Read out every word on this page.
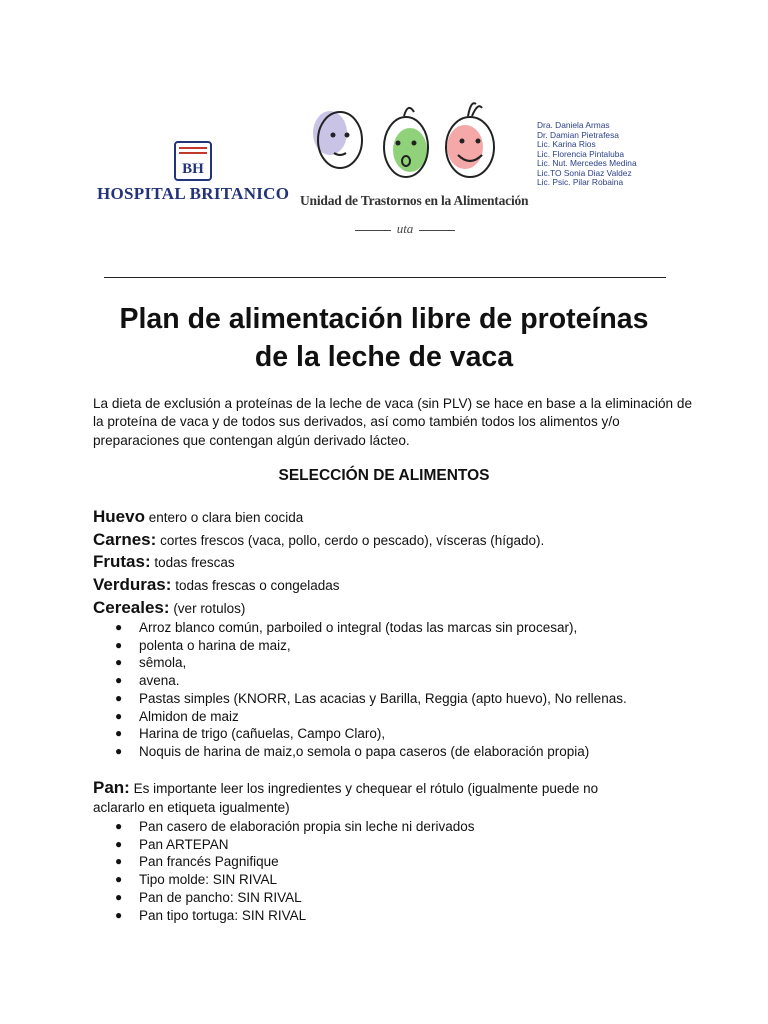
BH
HOSPITAL BRITANICO Unidad de Trastornos en la Alimentación
uta
Dra. Daniela Armas
Dr. Damian Pietrafesa
Lic. Karina Rios
Lic. Florencia Pintaluba
Lic. Nut. Mercedes Medina
Lic.TO Sonia Diaz Valdez
Lic. Psic. Pilar Robaina
Plan de alimentación libre de proteínas
de la leche de vaca
La dieta de exclusión a proteínas de la leche de vaca (sin PLV) se hace en base a la eliminación de la proteína de vaca y de todos sus derivados, así como también todos los alimentos y/o preparaciones que contengan algún derivado lácteo.
SELECCIÓN DE ALIMENTOS
Huevo entero o clara bien cocida
Carnes: cortes frescos (vaca, pollo, cerdo o pescado), vísceras (hígado).
Frutas: todas frescas
Verduras: todas frescas o congeladas
Cereales: (ver rotulos)
● Arroz blanco común, parboiled o integral (todas las marcas sin procesar),
● polenta o harina de maiz,
● sêmola,
● avena.
● Pastas simples (KNORR, Las acacias y Barilla, Reggia (apto huevo), No rellenas.
● Almidon de maiz
● Harina de trigo (cañuelas, Campo Claro),
● Noquis de harina de maiz,o semola o papa caseros (de elaboración propia)
Pan: Es importante leer los ingredientes y chequear el rótulo (igualmente puede no aclararlo en etiqueta igualmente)
● Pan casero de elaboración propia sin leche ni derivados
● Pan ARTEPAN
● Pan francés Pagnifique
● Tipo molde: SIN RIVAL
● Pan de pancho: SIN RIVAL
● Pan tipo tortuga: SIN RIVAL
